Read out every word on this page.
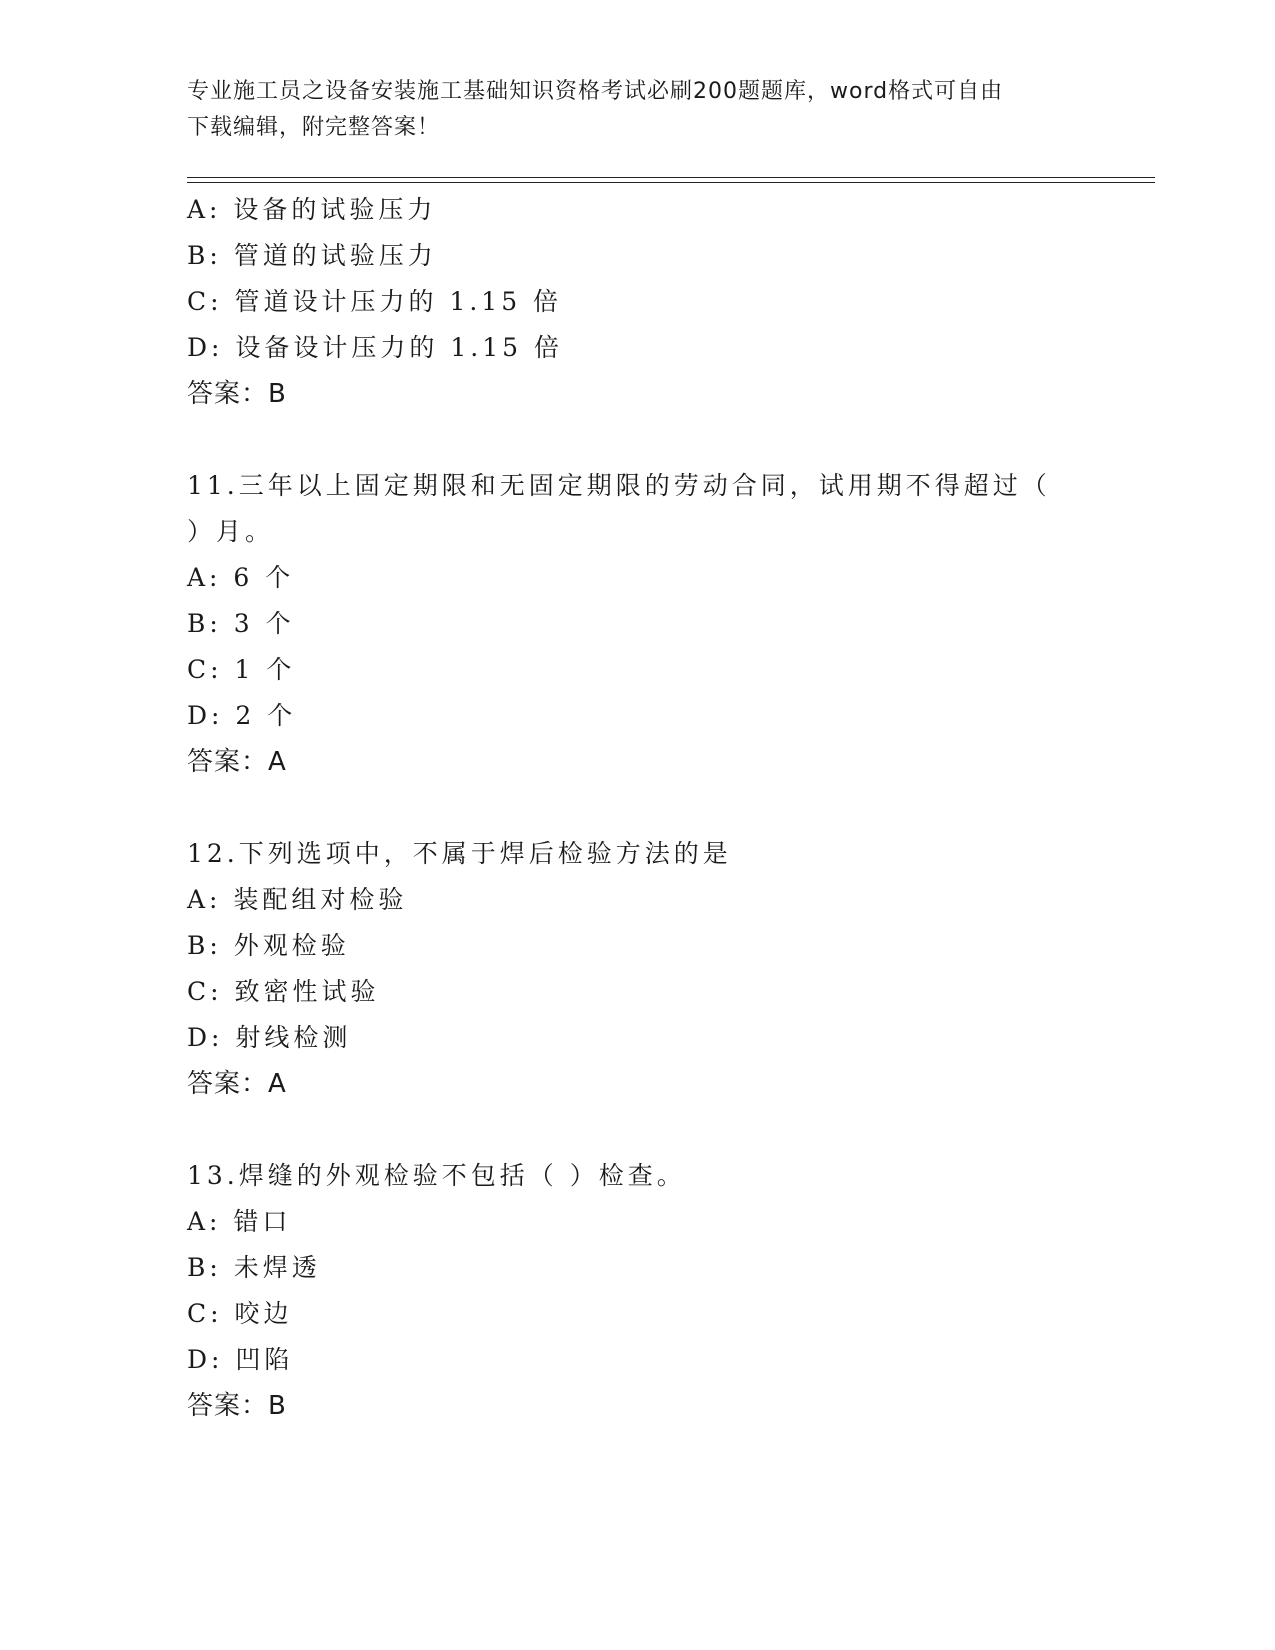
专业施工员之设备安装施工基础知识资格考试必刷200题题库，word格式可自由
下载编辑，附完整答案！
A: 设备的试验压力
B: 管道的试验压力
C: 管道设计压力的 1.15 倍
D: 设备设计压力的 1.15 倍
答案：B
11.三年以上固定期限和无固定期限的劳动合同，试用期不得超过（
）月。
A: 6 个
B: 3 个
C: 1 个
D: 2 个
答案：A
12.下列选项中，不属于焊后检验方法的是
A: 装配组对检验
B: 外观检验
C: 致密性试验
D: 射线检测
答案：A
13.焊缝的外观检验不包括（ ）检查。
A: 错口
B: 未焊透
C: 咬边
D: 凹陷
答案：B
